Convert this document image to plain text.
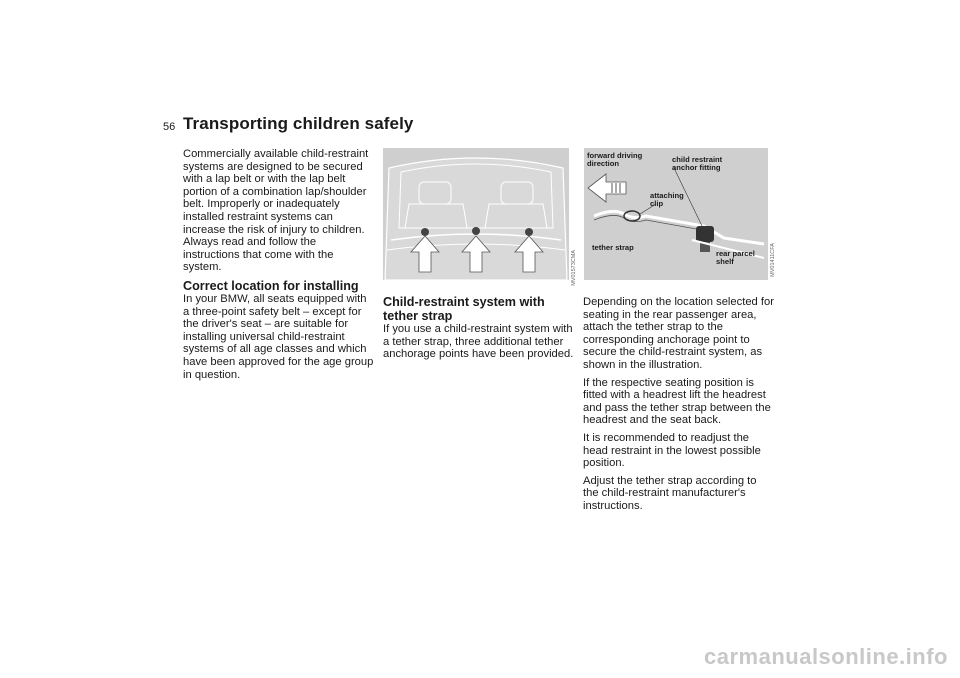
56 Transporting children safely

Commercially available child-restraint systems are designed to be secured with a lap belt or with the lap belt portion of a combination lap/shoulder belt. Improperly or inadequately installed restraint systems can increase the risk of injury to children. Always read and follow the instructions that come with the system.

Correct location for installing

In your BMW, all seats equipped with a three-point safety belt – except for the driver's seat – are suitable for installing universal child-restraint systems of all age classes and which have been approved for the age group in question.

MV01573CMA
forward driving direction	child restraint anchor fitting
attaching clip
tether strap
rear parcel shelf	MV01411CFA
Child-restraint system with tether strap

If you use a child-restraint system with a tether strap, three additional tether anchorage points have been provided.

Depending on the location selected for seating in the rear passenger area, attach the tether strap to the corresponding anchorage point to secure the child-restraint system, as shown in the illustration.

If the respective seating position is fitted with a headrest lift the headrest and pass the tether strap between the headrest and the seat back.

It is recommended to readjust the head restraint in the lowest possible position.

Adjust the tether strap according to the child-restraint manufacturer's instructions.

carmanualsonline.info
